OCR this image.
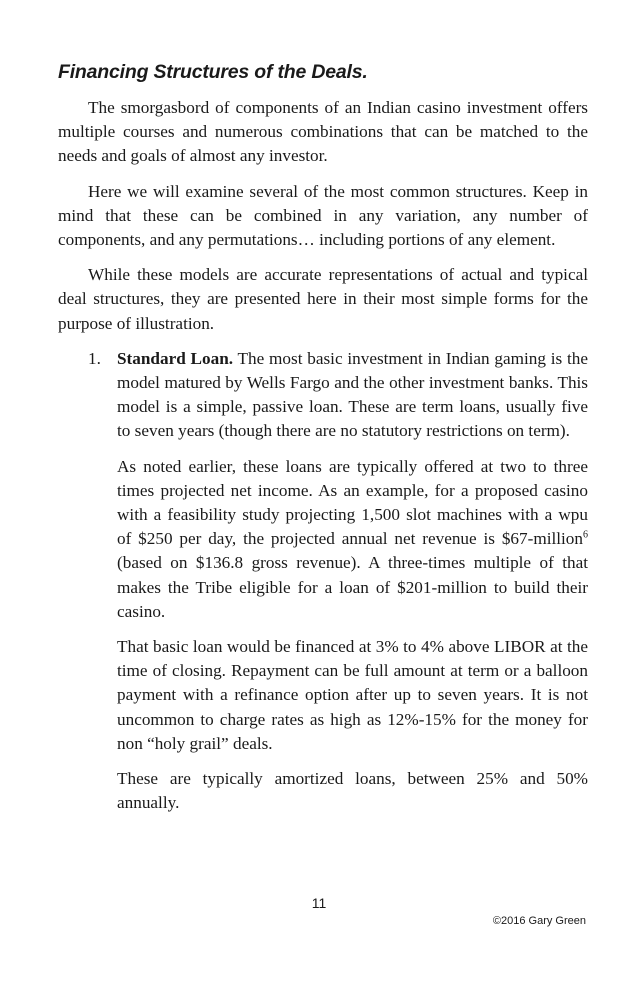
Financing Structures of the Deals.

The smorgasbord of components of an Indian casino investment offers multiple courses and numerous combinations that can be matched to the needs and goals of almost any investor.

Here we will examine several of the most common structures. Keep in mind that these can be combined in any variation, any number of components, and any permutations… including portions of any element.

While these models are accurate representations of actual and typical deal structures, they are presented here in their most simple forms for the purpose of illustration.

1. Standard Loan. The most basic investment in Indian gaming is the model matured by Wells Fargo and the other investment banks. This model is a simple, passive loan. These are term loans, usually five to seven years (though there are no statutory restrictions on term).

As noted earlier, these loans are typically offered at two to three times projected net income. As an example, for a proposed casino with a feasibility study projecting 1,500 slot machines with a wpu of $250 per day, the projected annual net revenue is $67-million$^6$ (based on $136.8 gross revenue). A three-times multiple of that makes the Tribe eligible for a loan of $201-million to build their casino.

That basic loan would be financed at 3% to 4% above LIBOR at the time of closing. Repayment can be full amount at term or a balloon payment with a refinance option after up to seven years. It is not uncommon to charge rates as high as 12%-15% for the money for non “holy grail” deals.

These are typically amortized loans, between 25% and 50% annually.

11
©2016 Gary Green
